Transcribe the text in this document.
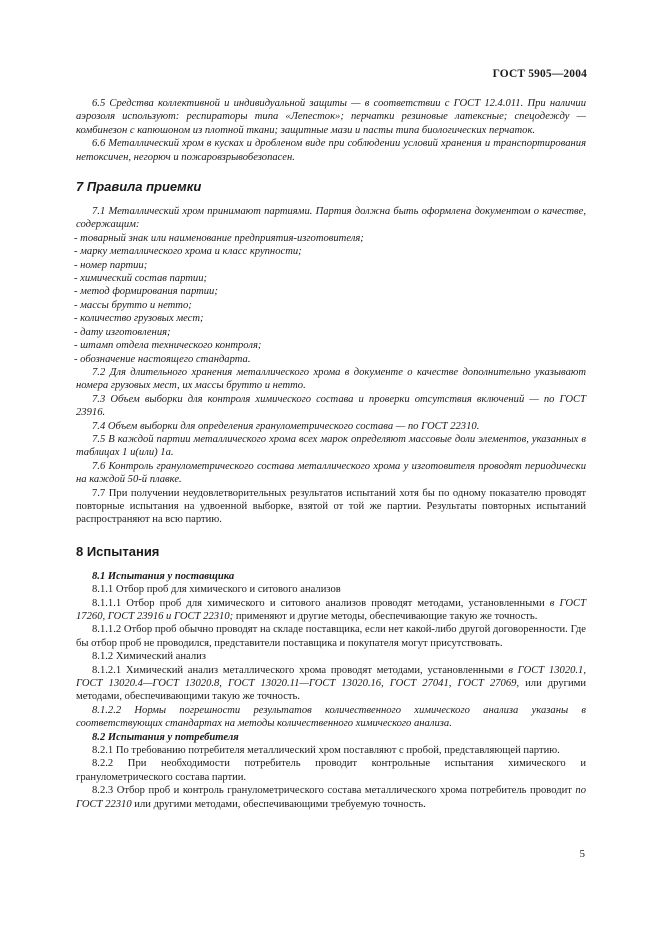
ГОСТ 5905—2004

6.5 Средства коллективной и индивидуальной защиты — в соответствии с ГОСТ 12.4.011. При наличии аэрозоля используют: респираторы типа «Лепесток»; перчатки резиновые латексные; спецодежду — комбинезон с капюшоном из плотной ткани; защитные мази и пасты типа биологических перчаток.

6.6 Металлический хром в кусках и дробленом виде при соблюдении условий хранения и транспортирования нетоксичен, негорюч и пожаровзрывобезопасен.

7 Правила приемки

7.1 Металлический хром принимают партиями. Партия должна быть оформлена документом о качестве, содержащим:

- товарный знак или наименование предприятия-изготовителя;

- марку металлического хрома и класс крупности;

- номер партии;

- химический состав партии;

- метод формирования партии;

- массы брутто и нетто;

- количество грузовых мест;

- дату изготовления;

- штамп отдела технического контроля;

- обозначение настоящего стандарта.

7.2 Для длительного хранения металлического хрома в документе о качестве дополнительно указывают номера грузовых мест, их массы брутто и нетто.

7.3 Объем выборки для контроля химического состава и проверки отсутствия включений — по ГОСТ 23916.

7.4 Объем выборки для определения гранулометрического состава — по ГОСТ 22310.

7.5 В каждой партии металлического хрома всех марок определяют массовые доли элементов, указанных в таблицах 1 и(или) 1а.

7.6 Контроль гранулометрического состава металлического хрома у изготовителя проводят периодически на каждой 50-й плавке.

7.7 При получении неудовлетворительных результатов испытаний хотя бы по одному показателю проводят повторные испытания на удвоенной выборке, взятой от той же партии. Результаты повторных испытаний распространяют на всю партию.

8 Испытания

8.1 Испытания у поставщика

8.1.1 Отбор проб для химического и ситового анализов

8.1.1.1 Отбор проб для химического и ситового анализов проводят методами, установленными в ГОСТ 17260, ГОСТ 23916 и ГОСТ 22310; применяют и другие методы, обеспечивающие такую же точность.

8.1.1.2 Отбор проб обычно проводят на складе поставщика, если нет какой-либо другой договоренности. Где бы отбор проб не проводился, представители поставщика и покупателя могут присутствовать.

8.1.2 Химический анализ

8.1.2.1 Химический анализ металлического хрома проводят методами, установленными в ГОСТ 13020.1, ГОСТ 13020.4—ГОСТ 13020.8, ГОСТ 13020.11—ГОСТ 13020.16, ГОСТ 27041, ГОСТ 27069, или другими методами, обеспечивающими такую же точность.

8.1.2.2 Нормы погрешности результатов количественного химического анализа указаны в соответствующих стандартах на методы количественного химического анализа.

8.2 Испытания у потребителя

8.2.1 По требованию потребителя металлический хром поставляют с пробой, представляющей партию.

8.2.2 При необходимости потребитель проводит контрольные испытания химического и гранулометрического состава партии.

8.2.3 Отбор проб и контроль гранулометрического состава металлического хрома потребитель проводит по ГОСТ 22310 или другими методами, обеспечивающими требуемую точность.

5
